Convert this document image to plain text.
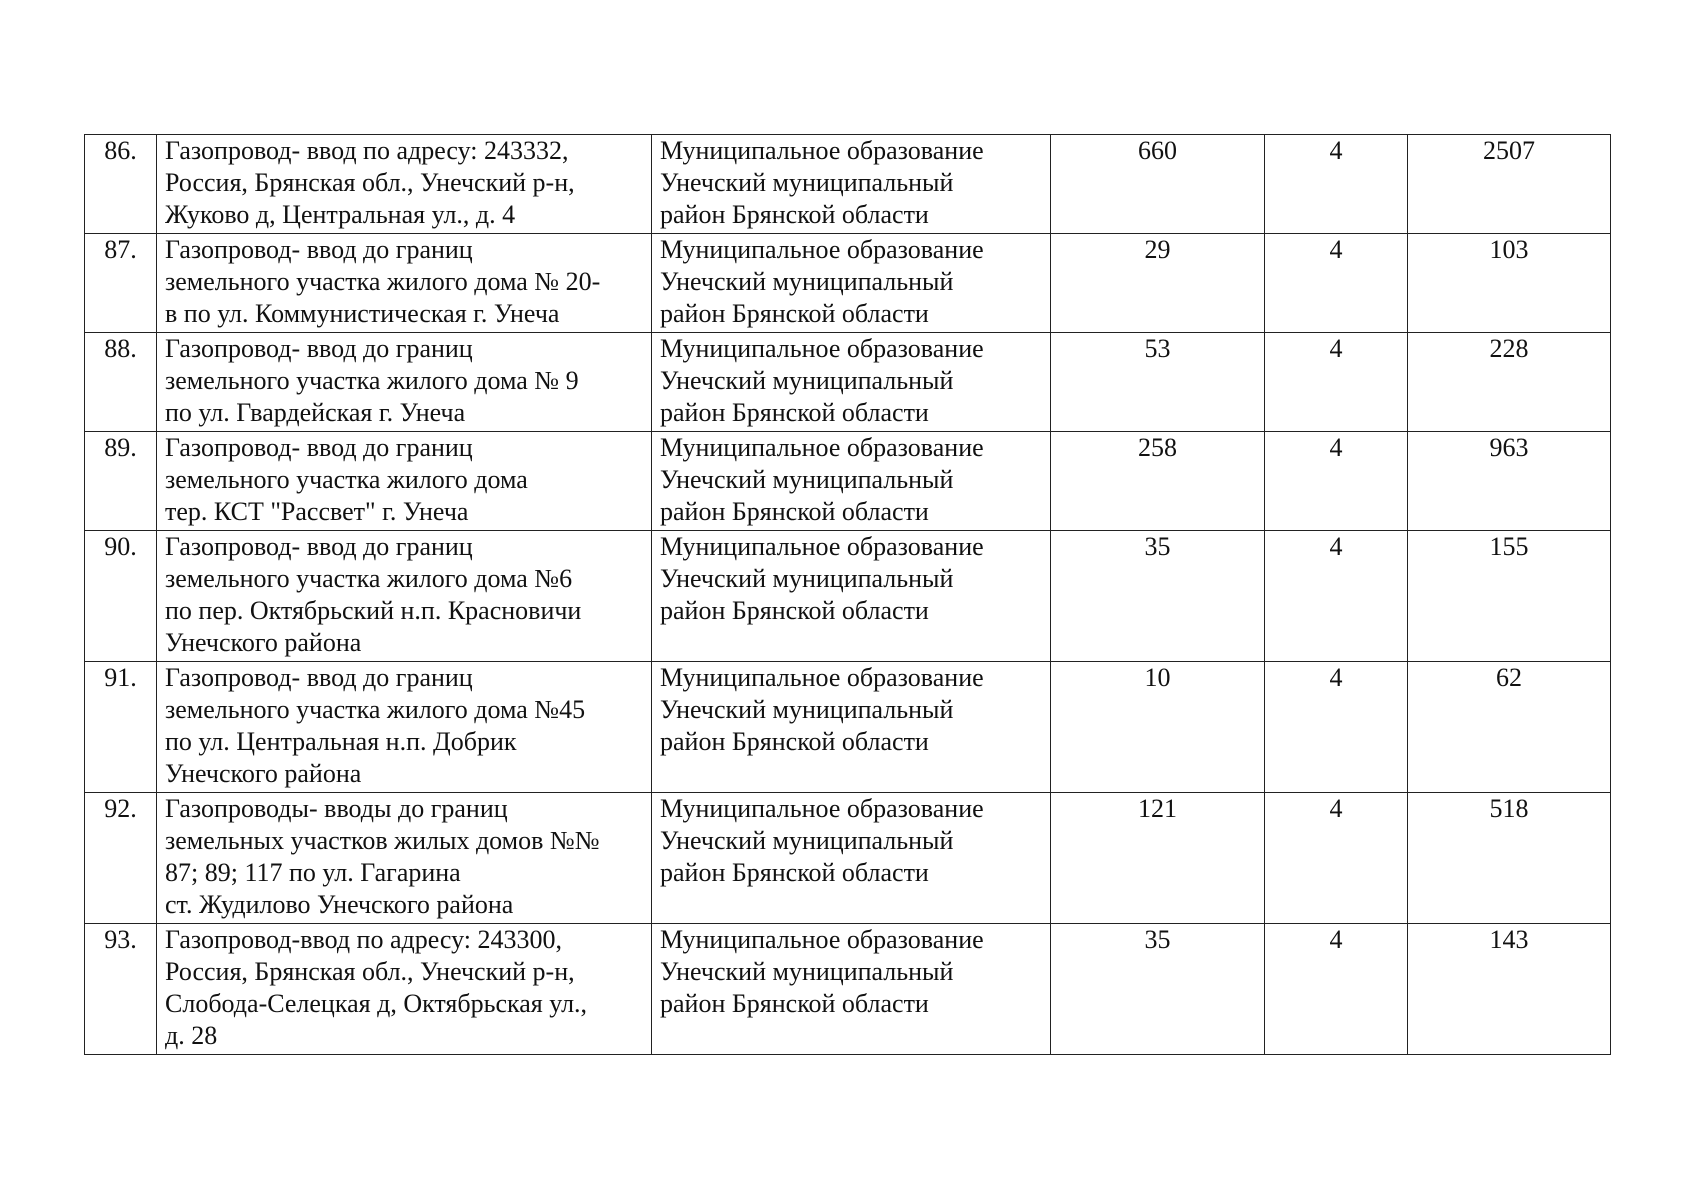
86.	Газопровод- ввод по адресу: 243332,
Россия, Брянская обл., Унечский р-н,
Жуково д, Центральная ул., д. 4	Муниципальное образование
Унечский муниципальный
район Брянской области	660	4	2507
87.	Газопровод- ввод до границ
земельного участка жилого дома № 20-
в по ул. Коммунистическая г. Унеча	Муниципальное образование
Унечский муниципальный
район Брянской области	29	4	103
88.	Газопровод- ввод до границ
земельного участка жилого дома № 9
по ул. Гвардейская г. Унеча	Муниципальное образование
Унечский муниципальный
район Брянской области	53	4	228
89.	Газопровод- ввод до границ
земельного участка жилого дома
тер. КСТ "Рассвет" г. Унеча	Муниципальное образование
Унечский муниципальный
район Брянской области	258	4	963
90.	Газопровод- ввод до границ
земельного участка жилого дома №6
по пер. Октябрьский н.п. Красновичи
Унечского района	Муниципальное образование
Унечский муниципальный
район Брянской области	35	4	155
91.	Газопровод- ввод до границ
земельного участка жилого дома №45
по ул. Центральная н.п. Добрик
Унечского района	Муниципальное образование
Унечский муниципальный
район Брянской области	10	4	62
92.	Газопроводы- вводы до границ
земельных участков жилых домов №№
87; 89; 117 по ул. Гагарина
ст. Жудилово Унечского района	Муниципальное образование
Унечский муниципальный
район Брянской области	121	4	518
93.	Газопровод-ввод по адресу: 243300,
Россия, Брянская обл., Унечский р-н,
Слобода-Селецкая д, Октябрьская ул.,
д. 28	Муниципальное образование
Унечский муниципальный
район Брянской области	35	4	143
